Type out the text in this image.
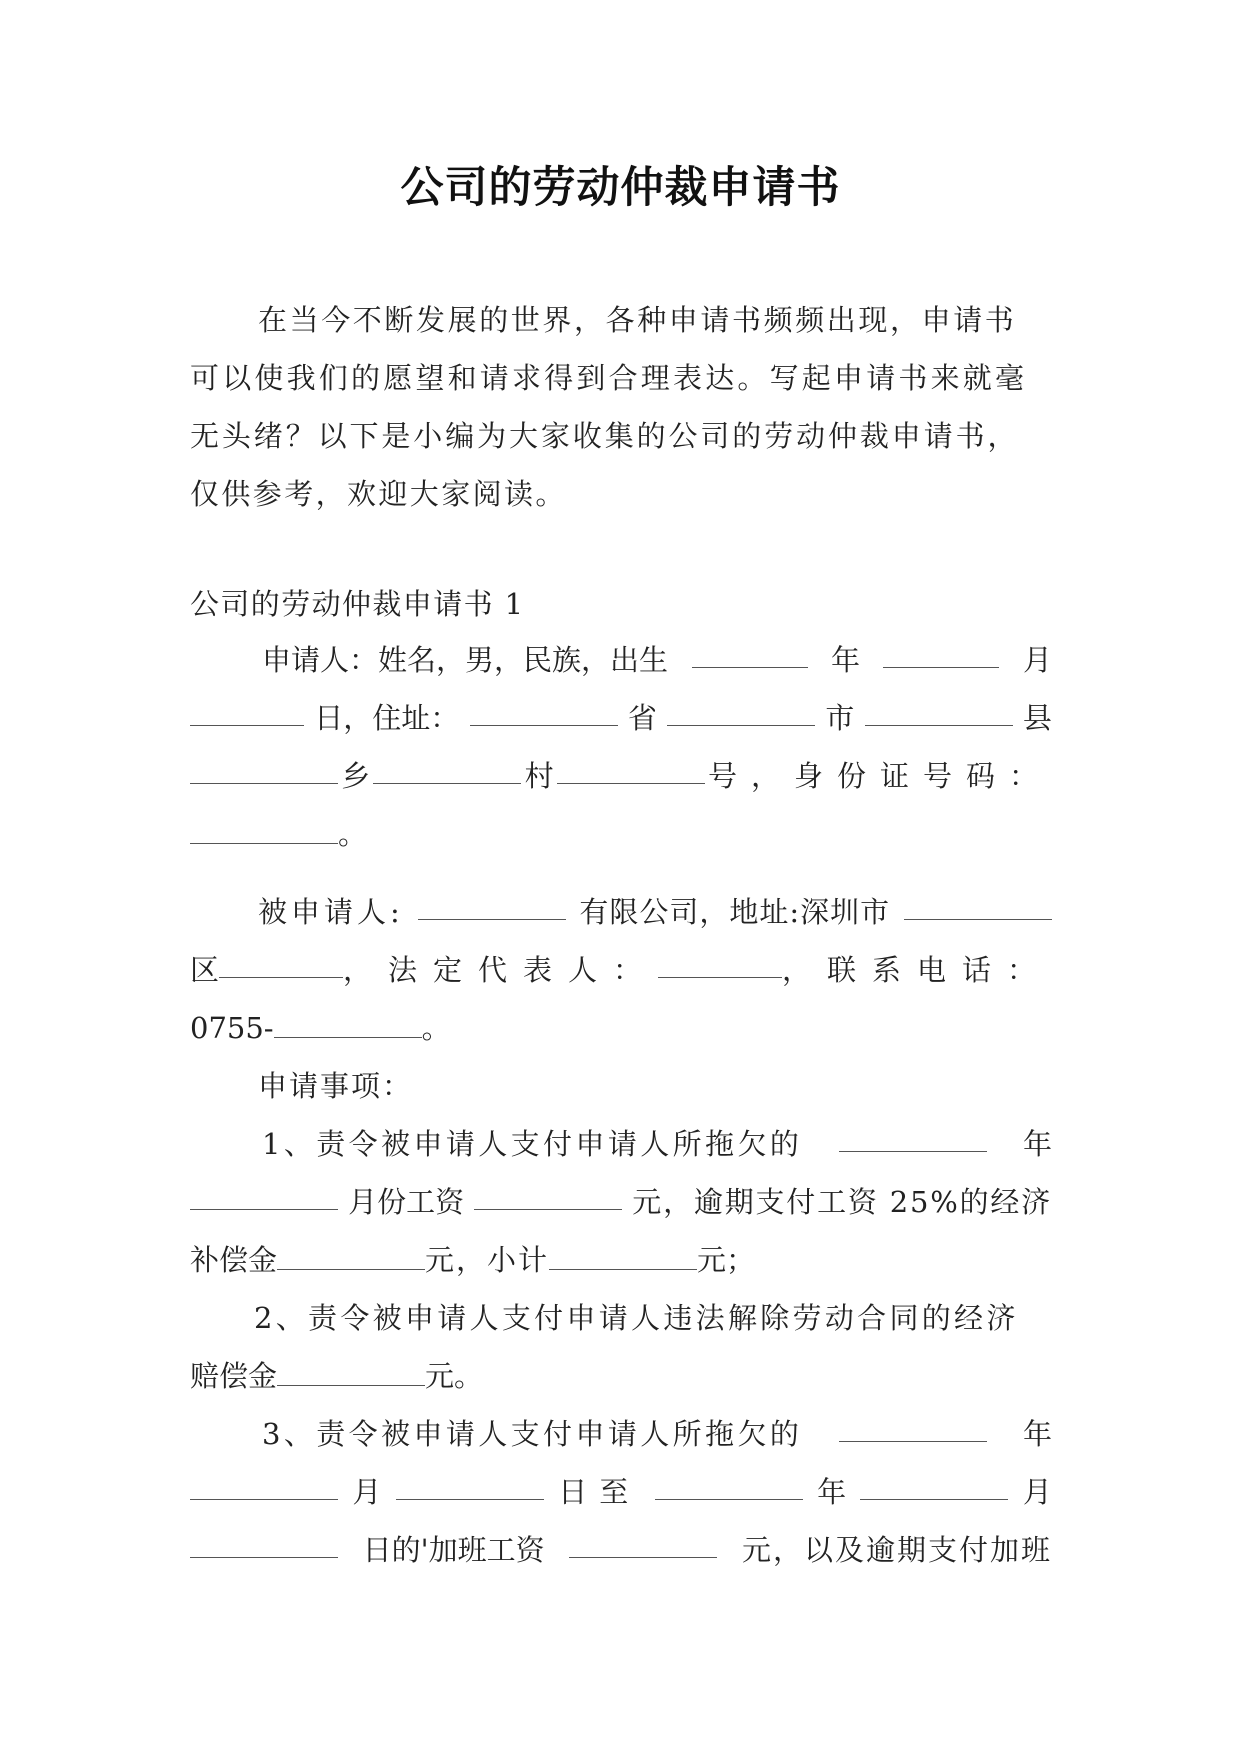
公司的劳动仲裁申请书
在当今不断发展的世界，各种申请书频频出现，申请书
可以使我们的愿望和请求得到合理表达。写起申请书来就毫
无头绪？以下是小编为大家收集的公司的劳动仲裁申请书，
仅供参考，欢迎大家阅读。
公司的劳动仲裁申请书 1
申请人：姓名，男，民族，出生	年	月
日，住址：	省	市	县
乡	村	号，身份证号码：
。
被申请人:	有限公司，地址:深圳市
区	，法定代表人：	，联系电话：
0755-	。
申请事项：
1、责令被申请人支付申请人所拖欠的	年
月份工资	元，逾期支付工资 25%的经济
补偿金	元，小计	元；
2、责令被申请人支付申请人违法解除劳动合同的经济
赔偿金	元。
3、责令被申请人支付申请人所拖欠的	年
月	日至	年	月
日的'加班工资	元，以及逾期支付加班
